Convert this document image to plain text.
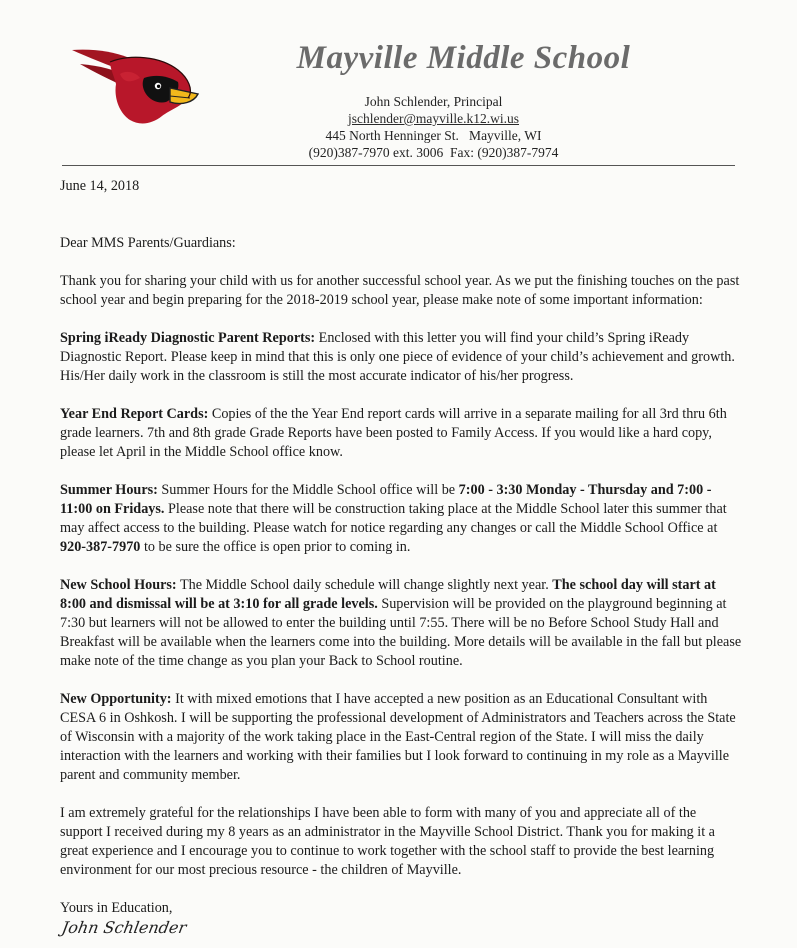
Mayville Middle School
John Schlender, Principal
jschlender@mayville.k12.wi.us
445 North Henninger St.   Mayville, WI
(920)387-7970 ext. 3006  Fax: (920)387-7974

June 14, 2018

Dear MMS Parents/Guardians:

Thank you for sharing your child with us for another successful school year. As we put the finishing touches on the past school year and begin preparing for the 2018-2019 school year, please make note of some important information:

Spring iReady Diagnostic Parent Reports: Enclosed with this letter you will find your child’s Spring iReady Diagnostic Report. Please keep in mind that this is only one piece of evidence of your child’s achievement and growth. His/Her daily work in the classroom is still the most accurate indicator of his/her progress.

Year End Report Cards: Copies of the the Year End report cards will arrive in a separate mailing for all 3rd thru 6th grade learners. 7th and 8th grade Grade Reports have been posted to Family Access. If you would like a hard copy, please let April in the Middle School office know.

Summer Hours: Summer Hours for the Middle School office will be 7:00 - 3:30 Monday - Thursday and 7:00 - 11:00 on Fridays. Please note that there will be construction taking place at the Middle School later this summer that may affect access to the building. Please watch for notice regarding any changes or call the Middle School Office at 920-387-7970 to be sure the office is open prior to coming in.

New School Hours: The Middle School daily schedule will change slightly next year. The school day will start at 8:00 and dismissal will be at 3:10 for all grade levels. Supervision will be provided on the playground beginning at 7:30 but learners will not be allowed to enter the building until 7:55. There will be no Before School Study Hall and Breakfast will be available when the learners come into the building. More details will be available in the fall but please make note of the time change as you plan your Back to School routine.

New Opportunity: It with mixed emotions that I have accepted a new position as an Educational Consultant with CESA 6 in Oshkosh. I will be supporting the professional development of Administrators and Teachers across the State of Wisconsin with a majority of the work taking place in the East-Central region of the State. I will miss the daily interaction with the learners and working with their families but I look forward to continuing in my role as a Mayville parent and community member.

I am extremely grateful for the relationships I have been able to form with many of you and appreciate all of the support I received during my 8 years as an administrator in the Mayville School District. Thank you for making it a great experience and I encourage you to continue to work together with the school staff to provide the best learning environment for our most precious resource - the children of Mayville.

Yours in Education,

John Schlender
